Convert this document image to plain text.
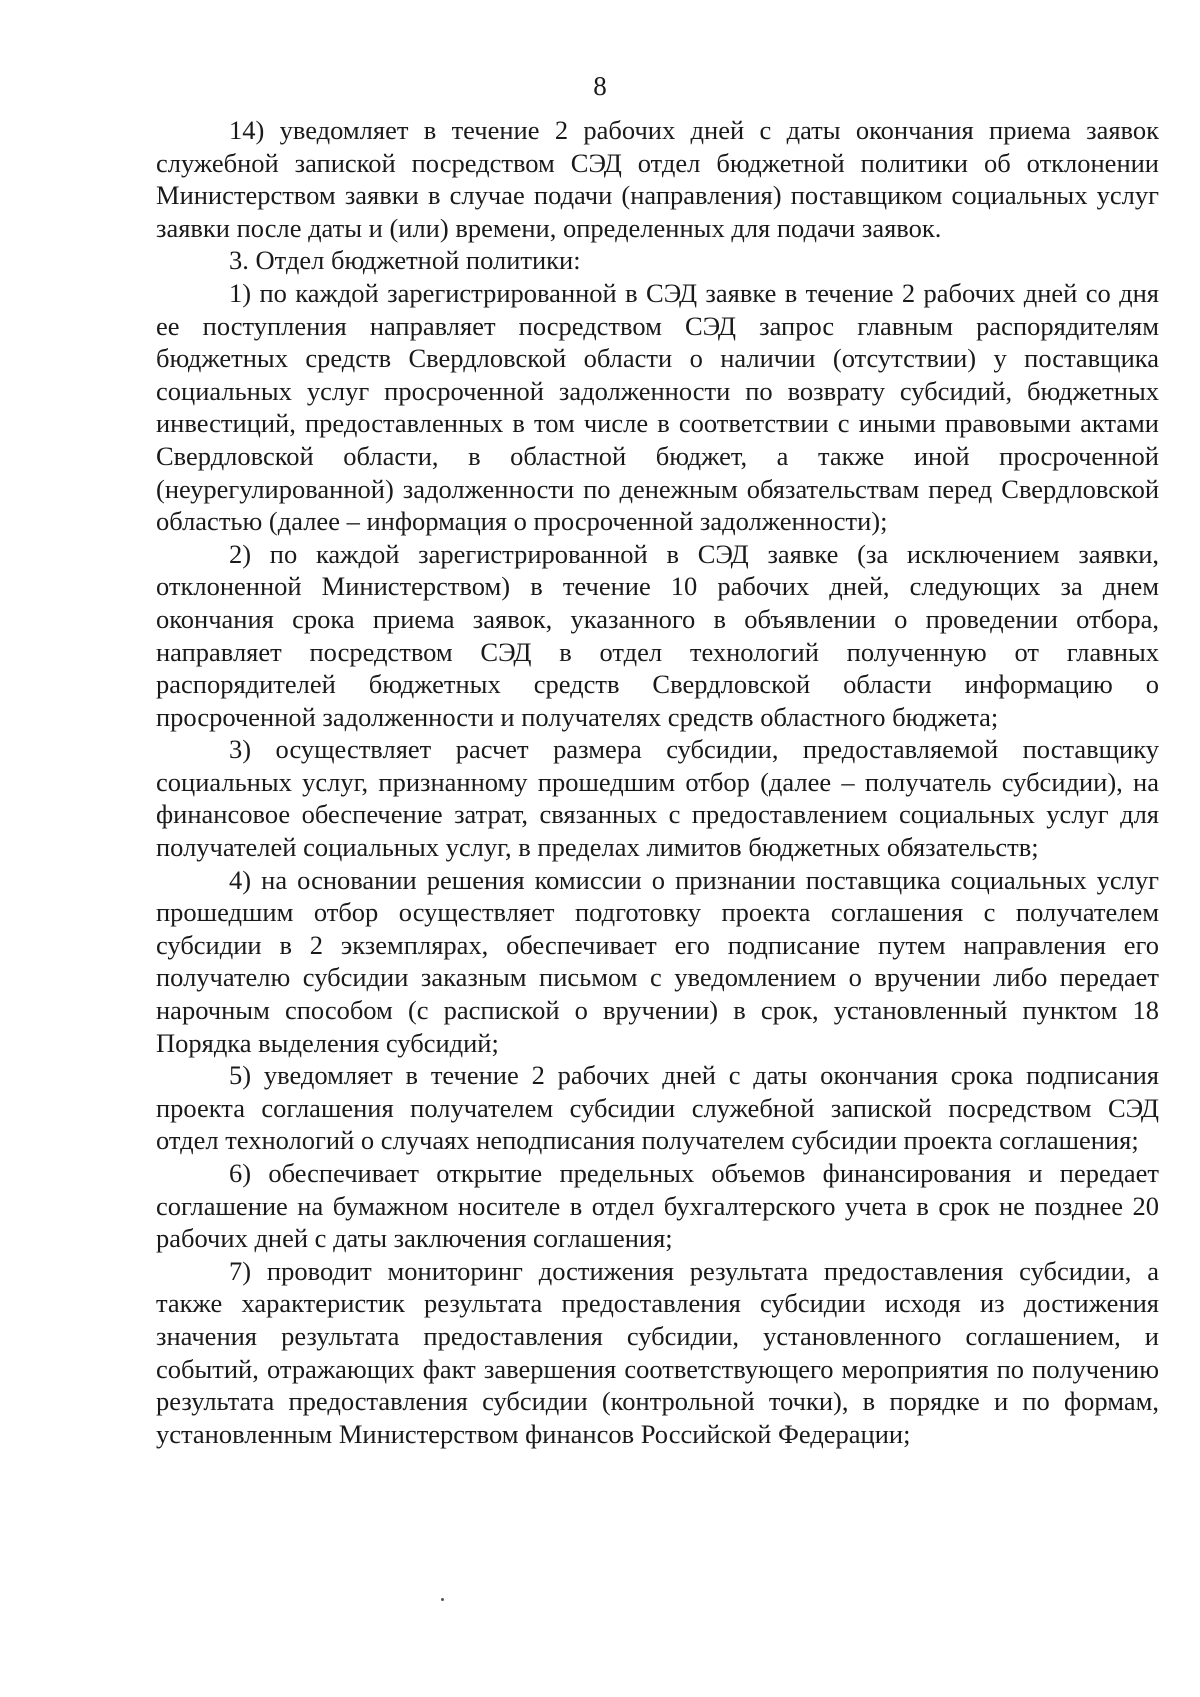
8

14) уведомляет в течение 2 рабочих дней с даты окончания приема заявок служебной запиской посредством СЭД отдел бюджетной политики об отклонении Министерством заявки в случае подачи (направления) поставщиком социальных услуг заявки после даты и (или) времени, определенных для подачи заявок.

3. Отдел бюджетной политики:

1) по каждой зарегистрированной в СЭД заявке в течение 2 рабочих дней со дня ее поступления направляет посредством СЭД запрос главным распорядителям бюджетных средств Свердловской области о наличии (отсутствии) у поставщика социальных услуг просроченной задолженности по возврату субсидий, бюджетных инвестиций, предоставленных в том числе в соответствии с иными правовыми актами Свердловской области, в областной бюджет, а также иной просроченной (неурегулированной) задолженности по денежным обязательствам перед Свердловской областью (далее – информация о просроченной задолженности);

2) по каждой зарегистрированной в СЭД заявке (за исключением заявки, отклоненной Министерством) в течение 10 рабочих дней, следующих за днем окончания срока приема заявок, указанного в объявлении о проведении отбора, направляет посредством СЭД в отдел технологий полученную от главных распорядителей бюджетных средств Свердловской области информацию о просроченной задолженности и получателях средств областного бюджета;

3) осуществляет расчет размера субсидии, предоставляемой поставщику социальных услуг, признанному прошедшим отбор (далее – получатель субсидии), на финансовое обеспечение затрат, связанных с предоставлением социальных услуг для получателей социальных услуг, в пределах лимитов бюджетных обязательств;

4) на основании решения комиссии о признании поставщика социальных услуг прошедшим отбор осуществляет подготовку проекта соглашения с получателем субсидии в 2 экземплярах, обеспечивает его подписание путем направления его получателю субсидии заказным письмом с уведомлением о вручении либо передает нарочным способом (с распиской о вручении) в срок, установленный пунктом 18 Порядка выделения субсидий;

5) уведомляет в течение 2 рабочих дней с даты окончания срока подписания проекта соглашения получателем субсидии служебной запиской посредством СЭД отдел технологий о случаях неподписания получателем субсидии проекта соглашения;

6) обеспечивает открытие предельных объемов финансирования и передает соглашение на бумажном носителе в отдел бухгалтерского учета в срок не позднее 20 рабочих дней с даты заключения соглашения;

7) проводит мониторинг достижения результата предоставления субсидии, а также характеристик результата предоставления субсидии исходя из достижения значения результата предоставления субсидии, установленного соглашением, и событий, отражающих факт завершения соответствующего мероприятия по получению результата предоставления субсидии (контрольной точки), в порядке и по формам, установленным Министерством финансов Российской Федерации;
